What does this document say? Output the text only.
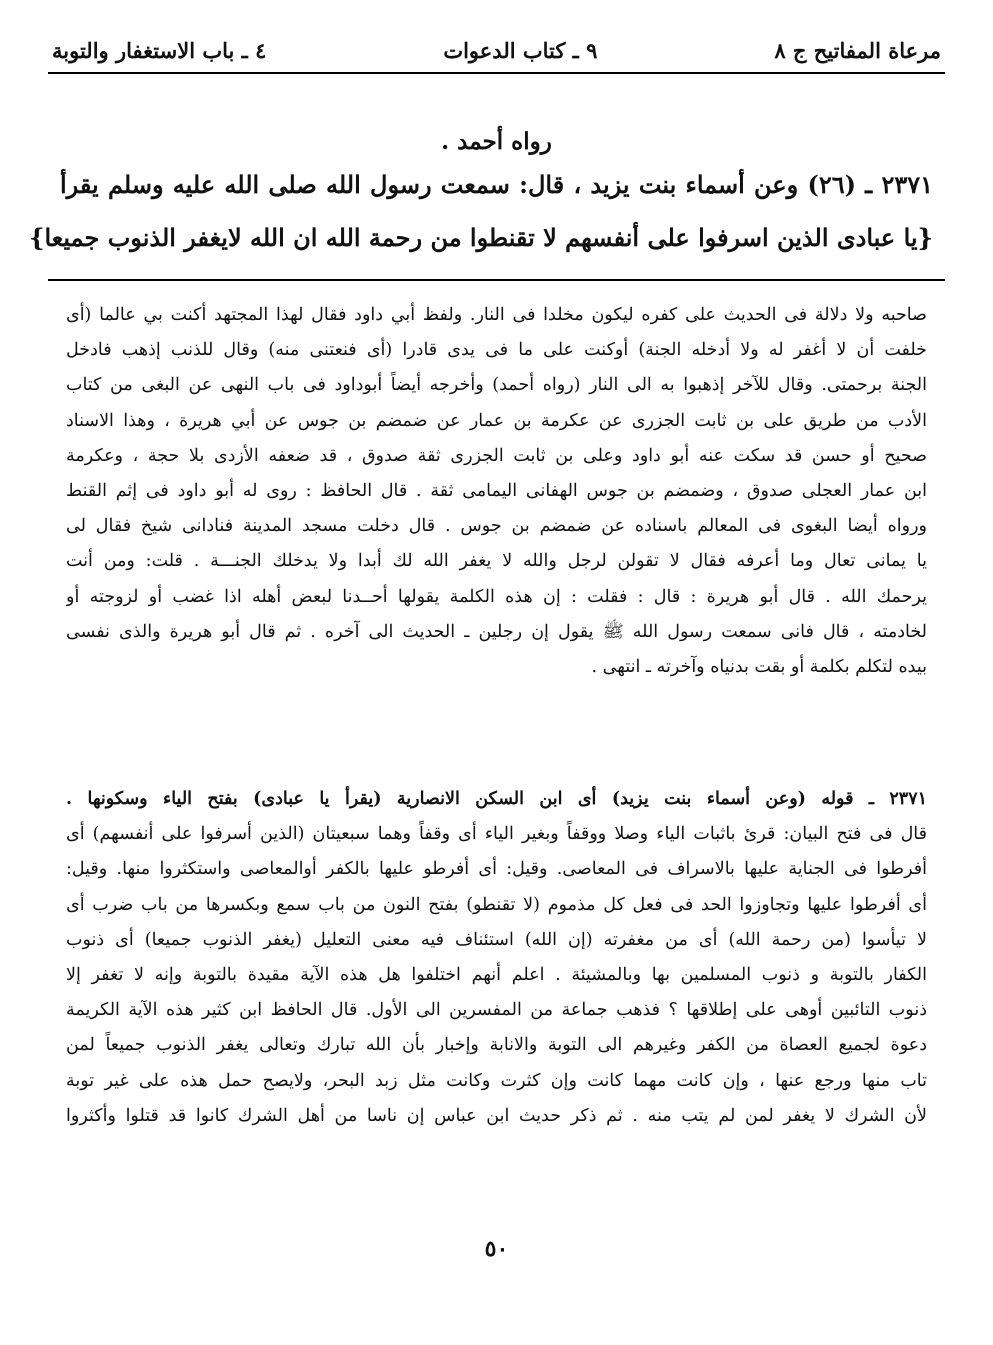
مرعاة المفاتيح ج ٨
٩ ـ كتاب الدعوات
٤ ـ باب الاستغفار والتوبة
رواه أحمد .
٢٣٧١ ـ (٢٦) وعن أسماء بنت يزيد ، قال: سمعت رسول الله صلى الله عليه وسلم يقرأ
{يا عبادى الذين اسرفوا على أنفسهم لا تقنطوا من رحمة الله ان الله لايغفر الذنوب جميعا}
صاحبه ولا دلالة فى الحديث على كفره ليكون مخلدا فى النار. ولفظ أبي داود فقال لهذا المجتهد أكنت بي عالما (أى
خلفت أن لا أغفر له ولا أدخله الجنة) أوكنت على ما فى يدى قادرا (أى فنعتنى منه) وقال للذنب إذهب فادخل
الجنة برحمتى. وقال للآخر إذهبوا به الى النار (رواه أحمد) وأخرجه أيضاً أبوداود فى باب النهى عن البغى من كتاب
الأدب من طريق على بن ثابت الجزرى عن عكرمة بن عمار عن ضمضم بن جوس عن أبي هريرة ، وهذا الاسناد
صحيح أو حسن قد سكت عنه أبو داود وعلى بن ثابت الجزرى ثقة صدوق ، قد ضعفه الأزدى بلا حجة ، وعكرمة
ابن عمار العجلى صدوق ، وضمضم بن جوس الهفانى اليمامى ثقة . قال الحافظ : روى له أبو داود فى إثم القنط
ورواه أيضا البغوى فى المعالم باسناده عن ضمضم بن جوس . قال دخلت مسجد المدينة فنادانى شيخ فقال لى
يا يمانى تعال وما أعرفه فقال لا تقولن لرجل والله لا يغفر الله لك أبدا ولا يدخلك الجنـــة . قلت: ومن أنت
يرحمك الله . قال أبو هريرة : قال : فقلت : إن هذه الكلمة يقولها أحــدنا لبعض أهله اذا غضب أو لزوجته أو
لخادمته ، قال فانى سمعت رسول الله ﷺ يقول إن رجلين ـ الحديث الى آخره . ثم قال أبو هريرة والذى نفسى
بيده لتكلم بكلمة أو بقت بدنياه وآخرته ـ انتهى .
٢٣٧١ ـ قوله (وعن أسماء بنت يزيد) أى ابن السكن الانصارية (يقرأ يا عبادى) بفتح الياء وسكونها .
قال فى فتح البيان: قرئ باثبات الياء وصلا ووقفاً وبغير الياء أى وقفاً وهما سبعيتان (الذين أسرفوا على أنفسهم) أى
أفرطوا فى الجناية عليها بالاسراف فى المعاصى. وقيل: أى أفرطو عليها بالكفر أوالمعاصى واستكثروا منها. وقيل:
أى أفرطوا عليها وتجاوزوا الحد فى فعل كل مذموم (لا تقنطو) بفتح النون من باب سمع وبكسرها من باب ضرب أى
لا تيأسوا (من رحمة الله) أى من مغفرته (إن الله) استئناف فيه معنى التعليل (يغفر الذنوب جميعا) أى ذنوب
الكفار بالتوبة و ذنوب المسلمين بها وبالمشيئة . اعلم أنهم اختلفوا هل هذه الآية مقيدة بالتوبة وإنه لا تغفر إلا
ذنوب التائبين أوهى على إطلاقها ؟ فذهب جماعة من المفسرين الى الأول. قال الحافظ ابن كثير هذه الآية الكريمة
دعوة لجميع العصاة من الكفر وغيرهم الى التوبة والانابة وإخبار بأن الله تبارك وتعالى يغفر الذنوب جميعاً لمن
تاب منها ورجع عنها ، وإن كانت مهما كانت وإن كثرت وكانت مثل زبد البحر، ولايصح حمل هذه على غير توبة
لأن الشرك لا يغفر لمن لم يتب منه . ثم ذكر حديث ابن عباس إن ناسا من أهل الشرك كانوا قد قتلوا وأكثروا
٥٠
